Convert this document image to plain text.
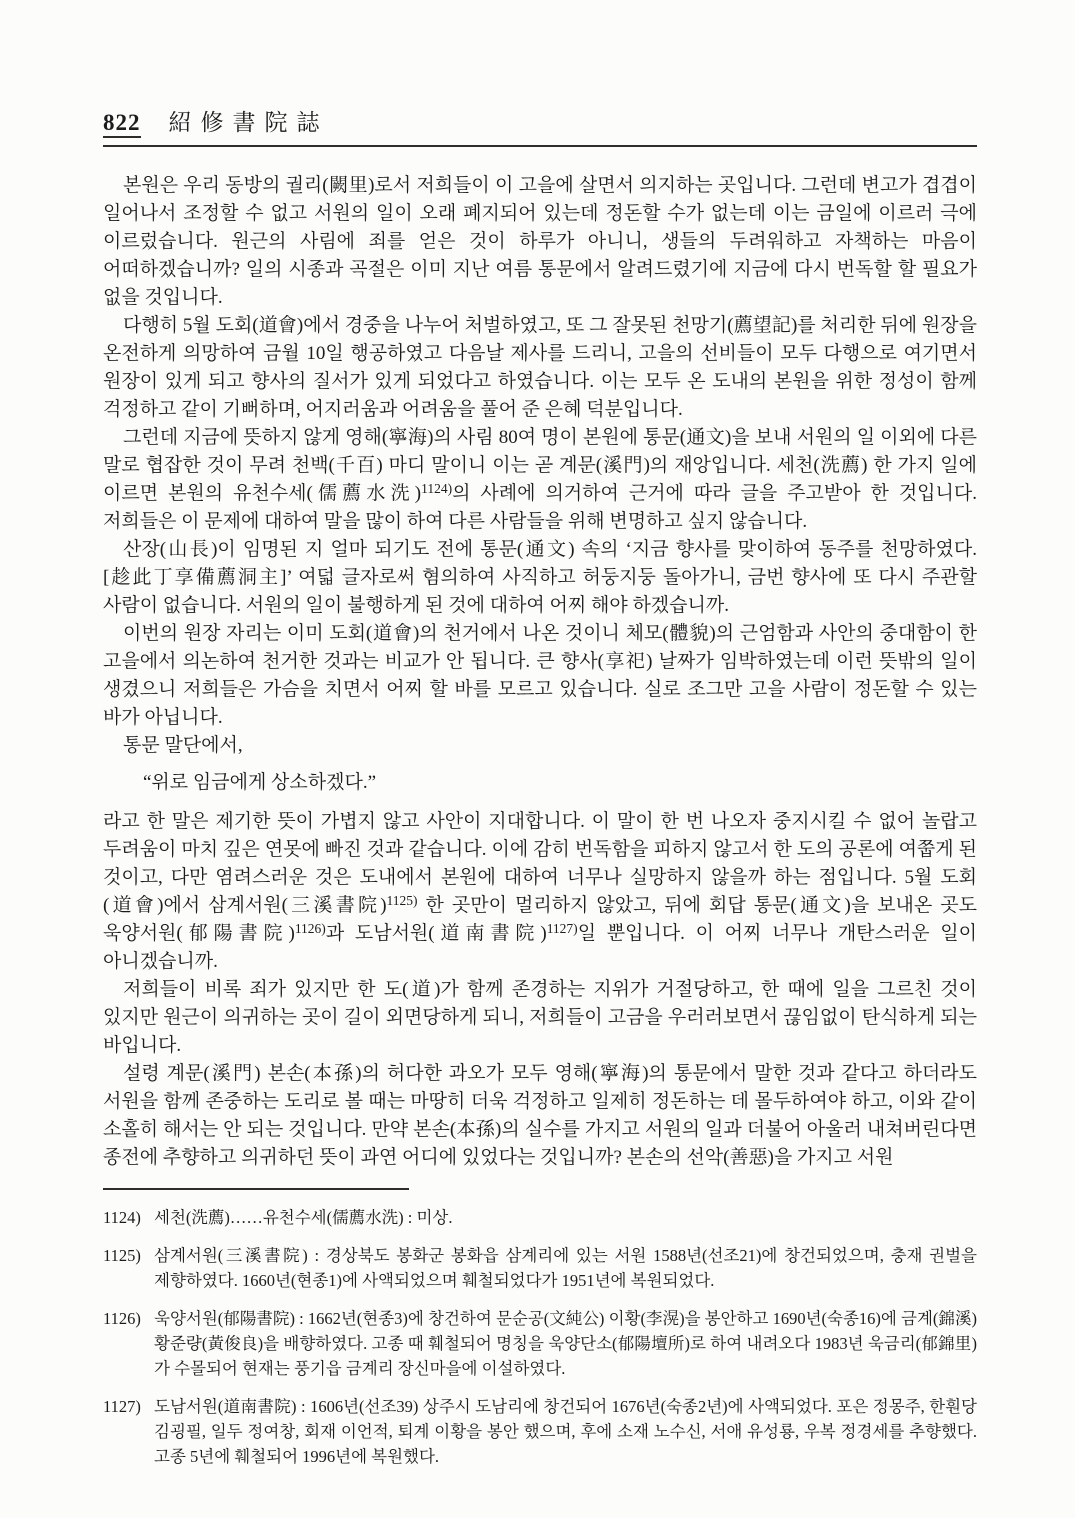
822 紹修書院誌

본원은 우리 동방의 궐리(闕里)로서 저희들이 이 고을에 살면서 의지하는 곳입니다. 그런데 변고가 겹겹이 일어나서 조정할 수 없고 서원의 일이 오래 폐지되어 있는데 정돈할 수가 없는데 이는 금일에 이르러 극에 이르렀습니다. 원근의 사림에 죄를 얻은 것이 하루가 아니니, 생들의 두려워하고 자책하는 마음이 어떠하겠습니까? 일의 시종과 곡절은 이미 지난 여름 통문에서 알려드렸기에 지금에 다시 번독할 할 필요가 없을 것입니다.

다행히 5월 도회(道會)에서 경중을 나누어 처벌하였고, 또 그 잘못된 천망기(薦望記)를 처리한 뒤에 원장을 온전하게 의망하여 금월 10일 행공하였고 다음날 제사를 드리니, 고을의 선비들이 모두 다행으로 여기면서 원장이 있게 되고 향사의 질서가 있게 되었다고 하였습니다. 이는 모두 온 도내의 본원을 위한 정성이 함께 걱정하고 같이 기뻐하며, 어지러움과 어려움을 풀어 준 은혜 덕분입니다.

그런데 지금에 뜻하지 않게 영해(寧海)의 사림 80여 명이 본원에 통문(通文)을 보내 서원의 일 이외에 다른 말로 협잡한 것이 무려 천백(千百) 마디 말이니 이는 곧 계문(溪門)의 재앙입니다. 세천(洗薦) 한 가지 일에 이르면 본원의 유천수세(儒薦水洗)$^{1124)}$의 사례에 의거하여 근거에 따라 글을 주고받아 한 것입니다. 저희들은 이 문제에 대하여 말을 많이 하여 다른 사람들을 위해 변명하고 싶지 않습니다.

산장(山長)이 임명된 지 얼마 되기도 전에 통문(通文) 속의 ‘지금 향사를 맞이하여 동주를 천망하였다.[趁此丁享備薦洞主]’ 여덟 글자로써 혐의하여 사직하고 허둥지둥 돌아가니, 금번 향사에 또 다시 주관할 사람이 없습니다. 서원의 일이 불행하게 된 것에 대하여 어찌 해야 하겠습니까.

이번의 원장 자리는 이미 도회(道會)의 천거에서 나온 것이니 체모(體貌)의 근엄함과 사안의 중대함이 한 고을에서 의논하여 천거한 것과는 비교가 안 됩니다. 큰 향사(享祀) 날짜가 임박하였는데 이런 뜻밖의 일이 생겼으니 저희들은 가슴을 치면서 어찌 할 바를 모르고 있습니다. 실로 조그만 고을 사람이 정돈할 수 있는 바가 아닙니다.

통문 말단에서,

“위로 임금에게 상소하겠다.”

라고 한 말은 제기한 뜻이 가볍지 않고 사안이 지대합니다. 이 말이 한 번 나오자 중지시킬 수 없어 놀랍고 두려움이 마치 깊은 연못에 빠진 것과 같습니다. 이에 감히 번독함을 피하지 않고서 한 도의 공론에 여쭙게 된 것이고, 다만 염려스러운 것은 도내에서 본원에 대하여 너무나 실망하지 않을까 하는 점입니다. 5월 도회(道會)에서 삼계서원(三溪書院)$^{1125)}$ 한 곳만이 멀리하지 않았고, 뒤에 회답 통문(通文)을 보내온 곳도 욱양서원(郁陽書院)$^{1126)}$과 도남서원(道南書院)$^{1127)}$일 뿐입니다. 이 어찌 너무나 개탄스러운 일이 아니겠습니까.

저희들이 비록 죄가 있지만 한 도(道)가 함께 존경하는 지위가 거절당하고, 한 때에 일을 그르친 것이 있지만 원근이 의귀하는 곳이 길이 외면당하게 되니, 저희들이 고금을 우러러보면서 끊임없이 탄식하게 되는 바입니다.

설령 계문(溪門) 본손(本孫)의 허다한 과오가 모두 영해(寧海)의 통문에서 말한 것과 같다고 하더라도 서원을 함께 존중하는 도리로 볼 때는 마땅히 더욱 걱정하고 일제히 정돈하는 데 몰두하여야 하고, 이와 같이 소홀히 해서는 안 되는 것입니다. 만약 본손(本孫)의 실수를 가지고 서원의 일과 더불어 아울러 내쳐버린다면 종전에 추향하고 의귀하던 뜻이 과연 어디에 있었다는 것입니까? 본손의 선악(善惡)을 가지고 서원

1124) 세천(洗薦)……유천수세(儒薦水洗) : 미상.
1125) 삼계서원(三溪書院) : 경상북도 봉화군 봉화읍 삼계리에 있는 서원 1588년(선조21)에 창건되었으며, 충재 권벌을 제향하였다. 1660년(현종1)에 사액되었으며 훼철되었다가 1951년에 복원되었다.
1126) 욱양서원(郁陽書院) : 1662년(현종3)에 창건하여 문순공(文純公) 이황(李滉)을 봉안하고 1690년(숙종16)에 금계(錦溪) 황준량(黃俊良)을 배향하였다. 고종 때 훼철되어 명칭을 욱양단소(郁陽壇所)로 하여 내려오다 1983년 욱금리(郁錦里)가 수몰되어 현재는 풍기읍 금계리 장신마을에 이설하였다.
1127) 도남서원(道南書院) : 1606년(선조39) 상주시 도남리에 창건되어 1676년(숙종2년)에 사액되었다. 포은 정몽주, 한훤당 김굉필, 일두 정여창, 회재 이언적, 퇴계 이황을 봉안 했으며, 후에 소재 노수신, 서애 유성룡, 우복 정경세를 추향했다. 고종 5년에 훼철되어 1996년에 복원했다.
